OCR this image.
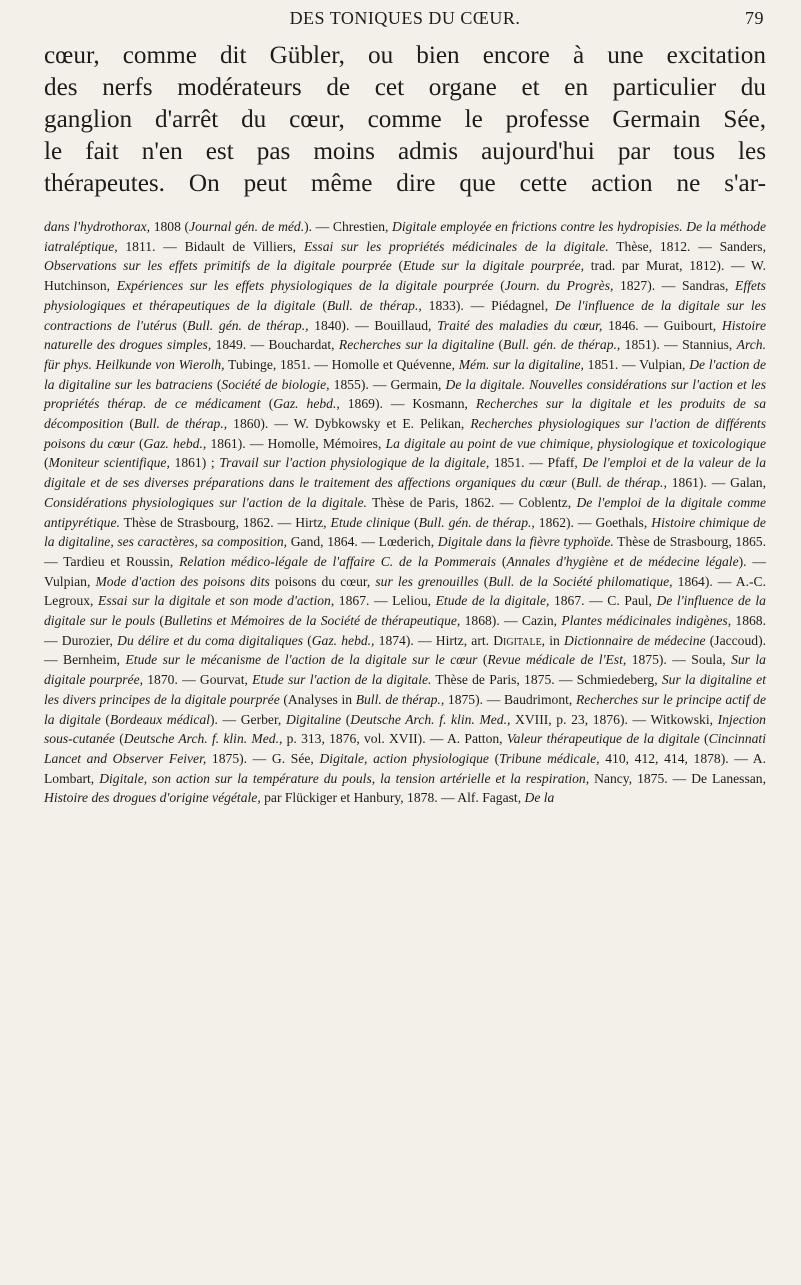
DES TONIQUES DU CŒUR.	79
cœur, comme dit Gübler, ou bien encore à une excitation
des nerfs modérateurs de cet organe et en particulier du
ganglion d'arrêt du cœur, comme le professe Germain Sée,
le fait n'en est pas moins admis aujourd'hui par tous les
thérapeutes. On peut même dire que cette action ne s'ar-
dans l'hydrothorax, 1808 (Journal gén. de méd.). — Chrestien, Digitale employée en frictions contre les hydropisies. De la méthode iatraléptique, 1811. — Bidault de Villiers, Essai sur les propriétés médicinales de la digitale. Thèse, 1812. — Sanders, Observations sur les effets primitifs de la digitale pourprée (Etude sur la digitale pourprée, trad. par Murat, 1812). — W. Hutchinson, Expériences sur les effets physiologiques de la digitale pourprée (Journ. du Progrès, 1827). — Sandras, Effets physiologiques et thérapeutiques de la digitale (Bull. de thérap., 1833). — Piédagnel, De l'influence de la digitale sur les contractions de l'utérus (Bull. gén. de thérap., 1840). — Bouillaud, Traité des maladies du cœur, 1846. — Guibourt, Histoire naturelle des drogues simples, 1849. — Bouchardat, Recherches sur la digitaline (Bull. gén. de thérap., 1851). — Stannius, Arch. für phys. Heilkunde von Wierolh, Tubinge, 1851. — Homolle et Quévenne, Mém. sur la digitaline, 1851. — Vulpian, De l'action de la digitaline sur les batraciens (Société de biologie, 1855). — Germain, De la digitale. Nouvelles considérations sur l'action et les propriétés thérap. de ce médicament (Gaz. hebd., 1869). — Kosmann, Recherches sur la digitale et les produits de sa décomposition (Bull. de thérap., 1860). — W. Dybkowsky et E. Pelikan, Recherches physiologiques sur l'action de différents poisons du cœur (Gaz. hebd., 1861). — Homolle, Mémoires, La digitale au point de vue chimique, physiologique et toxicologique (Moniteur scientifique, 1861) ; Travail sur l'action physiologique de la digitale, 1851. — Pfaff, De l'emploi et de la valeur de la digitale et de ses diverses préparations dans le traitement des affections organiques du cœur (Bull. de thérap., 1861). — Galan, Considérations physiologiques sur l'action de la digitale. Thèse de Paris, 1862. — Coblentz, De l'emploi de la digitale comme antipyrétique. Thèse de Strasbourg, 1862. — Hirtz, Etude clinique (Bull. gén. de thérap., 1862). — Goethals, Histoire chimique de la digitaline, ses caractères, sa composition, Gand, 1864. — Lœderich, Digitale dans la fièvre typhoïde. Thèse de Strasbourg, 1865. — Tardieu et Roussin, Relation médico-légale de l'affaire C. de la Pommerais (Annales d'hygiène et de médecine légale). — Vulpian, Mode d'action des poisons dits poisons du cœur, sur les grenouilles (Bull. de la Société philomatique, 1864). — A.-C. Legroux, Essai sur la digitale et son mode d'action, 1867. — Leliou, Etude de la digitale, 1867. — C. Paul, De l'influence de la digitale sur le pouls (Bulletins et Mémoires de la Société de thérapeutique, 1868). — Cazin, Plantes médicinales indigènes, 1868. — Durozier, Du délire et du coma digitaliques (Gaz. hebd., 1874). — Hirtz, art. Digitale, in Dictionnaire de médecine (Jaccoud). — Bernheim, Etude sur le mécanisme de l'action de la digitale sur le cœur (Revue médicale de l'Est, 1875). — Soula, Sur la digitale pourprée, 1870. — Gourvat, Etude sur l'action de la digitale. Thèse de Paris, 1875. — Schmiedeberg, Sur la digitaline et les divers principes de la digitale pourprée (Analyses in Bull. de thérap., 1875). — Baudrimont, Recherches sur le principe actif de la digitale (Bordeaux médical). — Gerber, Digitaline (Deutsche Arch. f. klin. Med., XVIII, p. 23, 1876). — Witkowski, Injection sous-cutanée (Deutsche Arch. f. klin. Med., p. 313, 1876, vol. XVII). — A. Patton, Valeur thérapeutique de la digitale (Cincinnati Lancet and Observer Feiver, 1875). — G. Sée, Digitale, action physiologique (Tribune médicale, 410, 412, 414, 1878). — A. Lombart, Digitale, son action sur la température du pouls, la tension artérielle et la respiration, Nancy, 1875. — De Lanessan, Histoire des drogues d'origine végétale, par Flückiger et Hanbury, 1878. — Alf. Fagast, De la
